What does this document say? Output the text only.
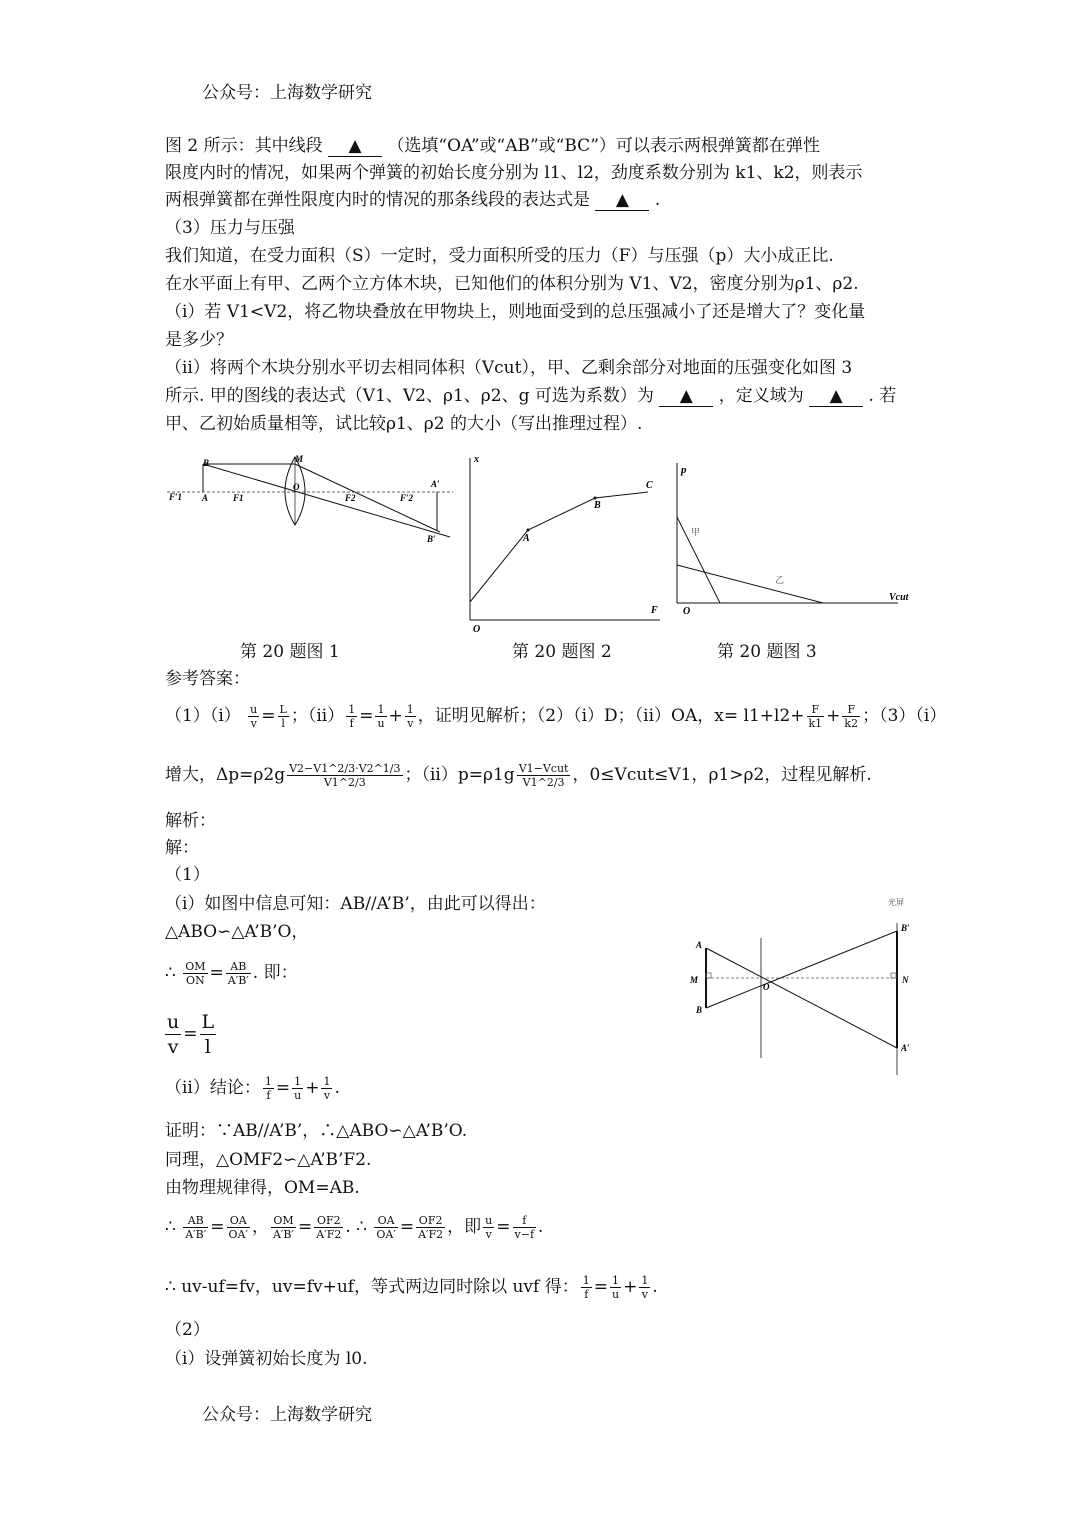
公众号：上海数学研究
图 2 所示：其中线段 ▲ （选填“OA”或“AB”或“BC”）可以表示两根弹簧都在弹性
限度内时的情况，如果两个弹簧的初始长度分别为 l1、l2，劲度系数分别为 k1、k2，则表示
两根弹簧都在弹性限度内时的情况的那条线段的表达式是 ▲ .
（3）压力与压强
我们知道，在受力面积（S）一定时，受力面积所受的压力（F）与压强（p）大小成正比.
在水平面上有甲、乙两个立方体木块，已知他们的体积分别为 V1、V2，密度分别为ρ1、ρ2.
（i）若 V1<V2，将乙物块叠放在甲物块上，则地面受到的总压强减小了还是增大了？变化量
是多少？
（ii）将两个木块分别水平切去相同体积（Vcut），甲、乙剩余部分对地面的压强变化如图 3
所示. 甲的图线的表达式（V1、V2、ρ1、ρ2、g 可选为系数）为 ▲ ，定义域为 ▲ . 若
甲、乙初始质量相等，试比较ρ1、ρ2 的大小（写出推理过程）.
B	M
F′1 A	F1
O
F2	F′2
A′
B′
x
C
B
A
O
F
p
甲
乙
O
Vcut
第 20 题图 1	第 20 题图 2	第 20 题图 3
参考答案：
$(1)(i) \frac{u}{v} = \frac{L}{l}$ ；$(ii) \frac{1}{f} = \frac{1}{u} + \frac{1}{v}$ ，证明见解析；（2）（i）D；（ii）OA，$x= l1+l2+ \frac{F}{k1} + \frac{F}{k2}$ ；（3）（i）
增大，$\Delta p=\rho 2g \frac{V2-V1\^{}2/3\cdot V2\^{}1/3}{V1\^{}2/3}$ ；$(ii)p=\rho 1g \frac{\text{V1−Vcut}}{V1\^{}2/3}$ ，0≤Vcut≤V1，ρ1>ρ2，过程见解析.
解析：
解：
（1）
（i）如图中信息可知：AB//A’B’，由此可以得出：
△ABO∽△A’B’O，
∴ $\frac{OM}{ON} = \frac{AB}{A'B'}$ . 即：
$\frac{u}{v} = \frac{L}{l}$
（ii）结论： $\frac{1}{f} = \frac{1}{u} + \frac{1}{v}$ .
证明：∵AB//A’B’，∴△ABO∽△A’B’O.
同理，△OMF2∽△A’B’F2.
由物理规律得，OM=AB.
∴ $\frac{AB}{A'B'} = \frac{OA}{OA'}$ ， $\frac{OM}{A'B'} = \frac{OF2}{A'F2}$ . ∴ $\frac{OA}{OA'} = \frac{OF2}{A'F2}$ ，即 $\frac{u}{v} = \frac{f}{v-f}$ .
∴ uv-uf=fv，uv=fv+uf，等式两边同时除以 uvf 得： $\frac{1}{f} = \frac{1}{u} + \frac{1}{v}$ .
（2）
（i）设弹簧初始长度为 l0.
光屏
A
M
B
O
B′
N
A′
公众号：上海数学研究
